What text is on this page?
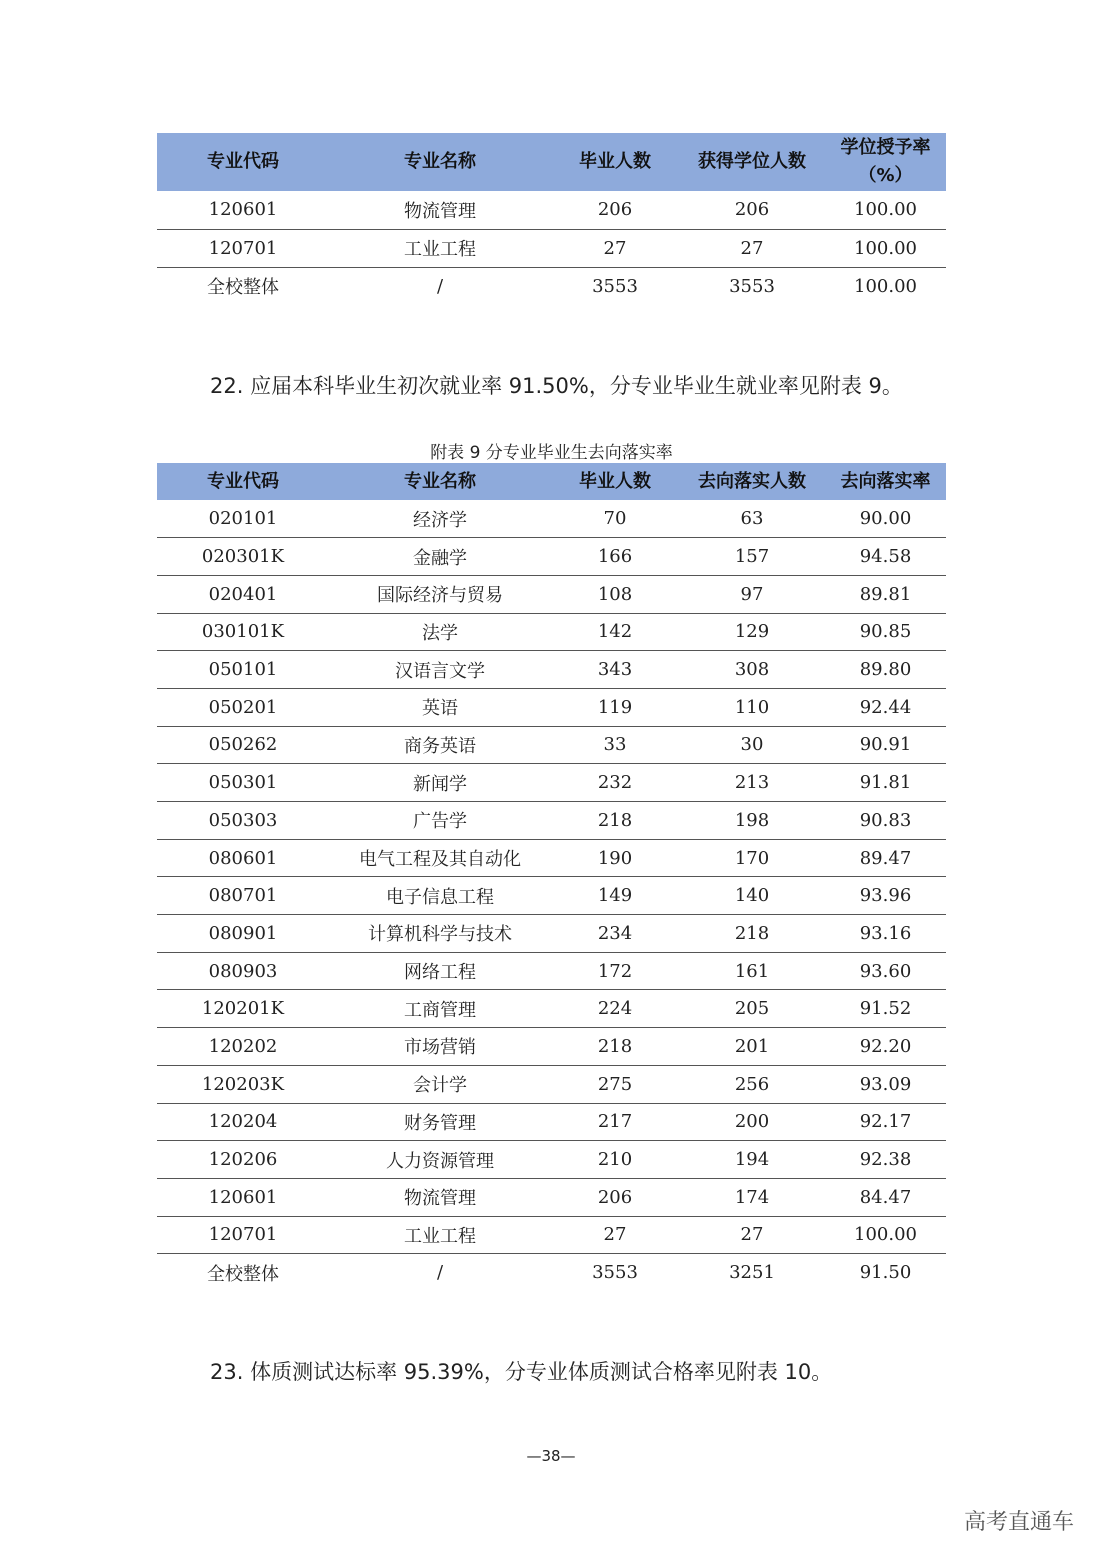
专业代码	专业名称	毕业人数	获得学位人数	学位授予率
（%）
120601	物流管理	206	206	100.00
120701	工业工程	27	27	100.00
全校整体	/	3553	3553	100.00

22. 应届本科毕业生初次就业率 91.50%，分专业毕业生就业率见附表 9。

附表 9 分专业毕业生去向落实率
专业代码	专业名称	毕业人数	去向落实人数	去向落实率
020101	经济学	70	63	90.00
020301K	金融学	166	157	94.58
020401	国际经济与贸易	108	97	89.81
030101K	法学	142	129	90.85
050101	汉语言文学	343	308	89.80
050201	英语	119	110	92.44
050262	商务英语	33	30	90.91
050301	新闻学	232	213	91.81
050303	广告学	218	198	90.83
080601	电气工程及其自动化	190	170	89.47
080701	电子信息工程	149	140	93.96
080901	计算机科学与技术	234	218	93.16
080903	网络工程	172	161	93.60
120201K	工商管理	224	205	91.52
120202	市场营销	218	201	92.20
120203K	会计学	275	256	93.09
120204	财务管理	217	200	92.17
120206	人力资源管理	210	194	92.38
120601	物流管理	206	174	84.47
120701	工业工程	27	27	100.00
全校整体	/	3553	3251	91.50

23. 体质测试达标率 95.39%，分专业体质测试合格率见附表 10。

—38—
高考直通车
